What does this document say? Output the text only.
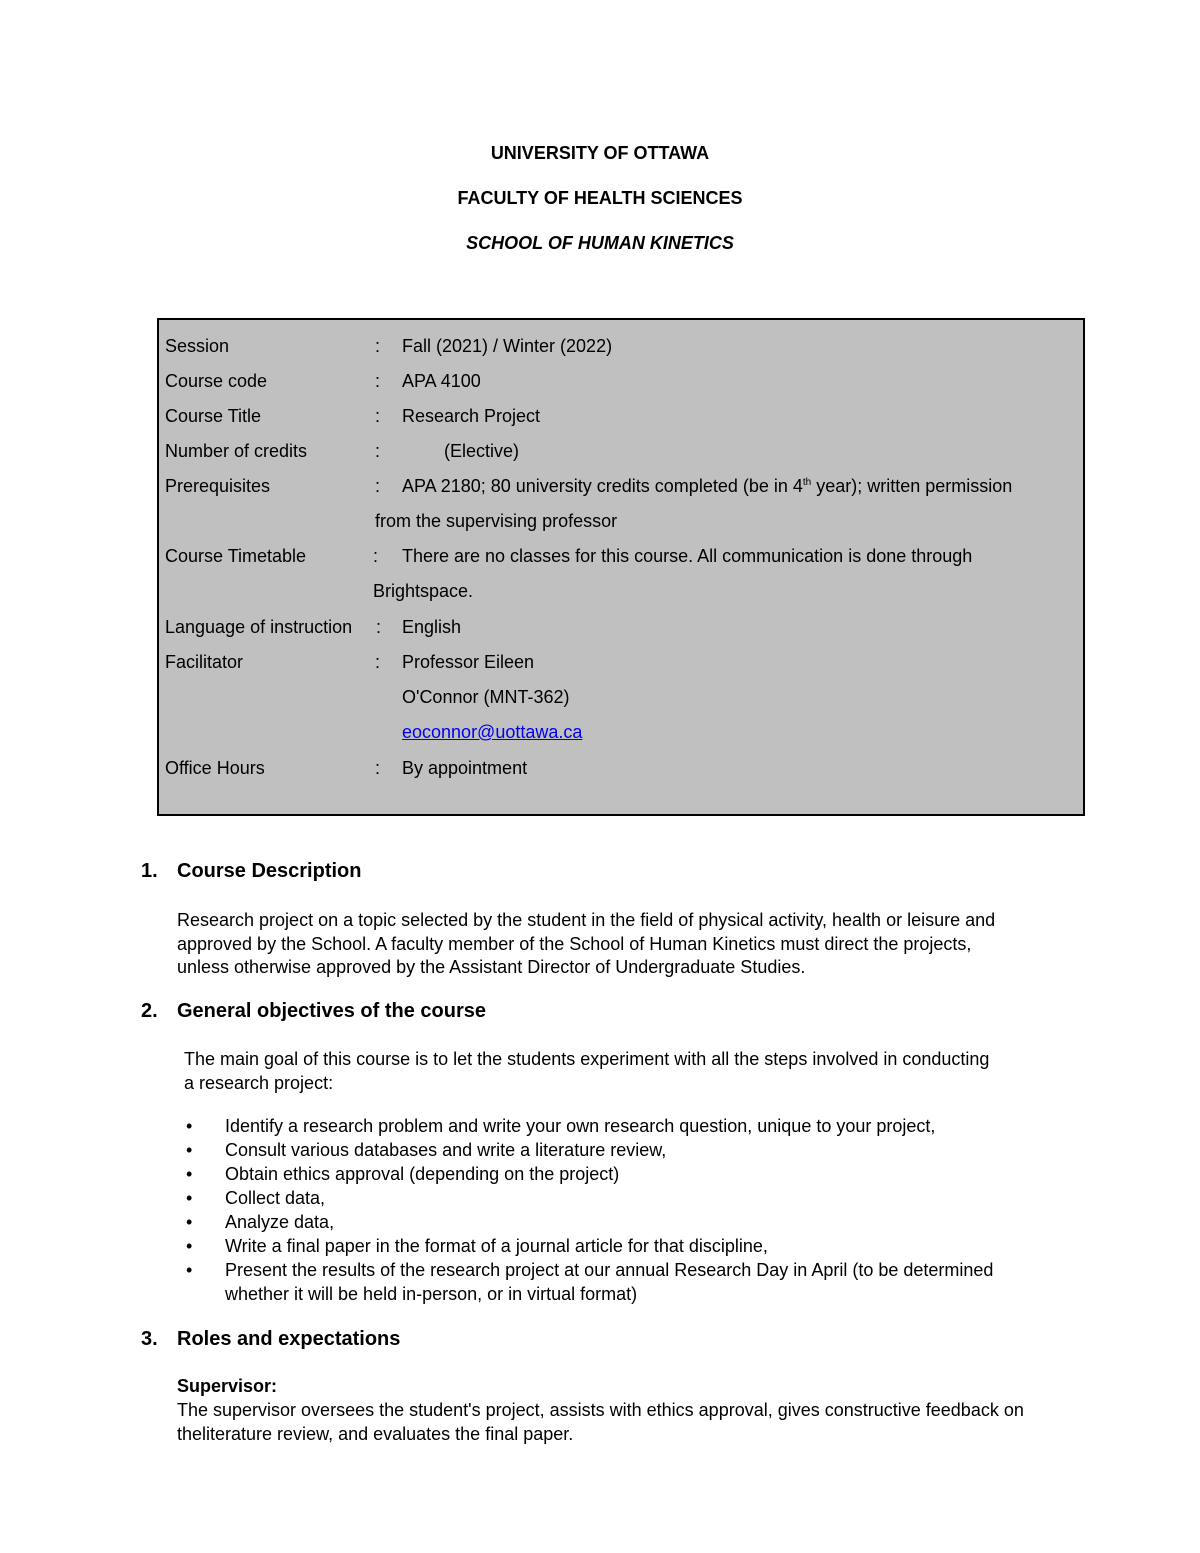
UNIVERSITY OF OTTAWA
FACULTY OF HEALTH SCIENCES
SCHOOL OF HUMAN KINETICS
Session	: Fall (2021) / Winter (2022)
Course code	: APA 4100
Course Title	: Research Project
Number of credits	:	(Elective)
Prerequisites	: APA 2180; 80 university credits completed (be in 4th year); written permission
from the supervising professor
Course Timetable	: There are no classes for this course. All communication is done through
Brightspace.
Language of instruction : English
Facilitator	: Professor Eileen
O'Connor (MNT-362)
eoconnor@uottawa.ca
Office Hours	: By appointment
1. Course Description
Research project on a topic selected by the student in the field of physical activity, health or leisure and
approved by the School. A faculty member of the School of Human Kinetics must direct the projects,
unless otherwise approved by the Assistant Director of Undergraduate Studies.
2. General objectives of the course
The main goal of this course is to let the students experiment with all the steps involved in conducting
a research project:
• Identify a research problem and write your own research question, unique to your project,
• Consult various databases and write a literature review,
• Obtain ethics approval (depending on the project)
• Collect data,
• Analyze data,
• Write a final paper in the format of a journal article for that discipline,
• Present the results of the research project at our annual Research Day in April (to be determined
whether it will be held in-person, or in virtual format)
3. Roles and expectations
Supervisor:
The supervisor oversees the student's project, assists with ethics approval, gives constructive feedback on
theliterature review, and evaluates the final paper.
